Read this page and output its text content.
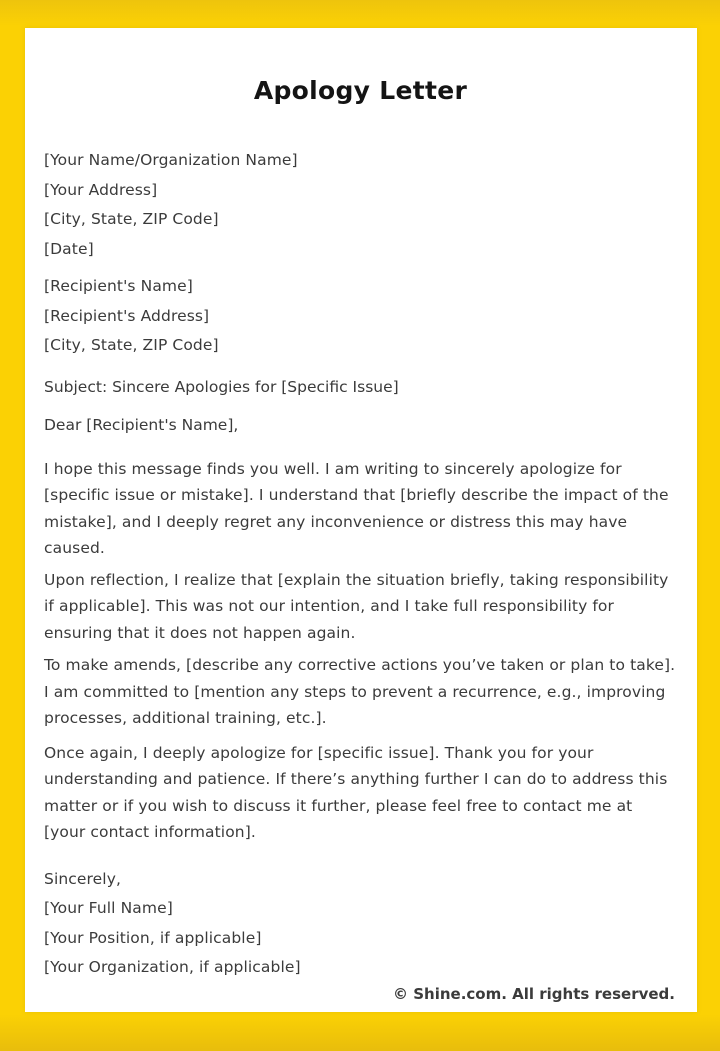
Apology Letter
[Your Name/Organization Name]
[Your Address]
[City, State, ZIP Code]
[Date]
[Recipient's Name]
[Recipient's Address]
[City, State, ZIP Code]
Subject: Sincere Apologies for [Specific Issue]
Dear [Recipient's Name],

I hope this message finds you well. I am writing to sincerely apologize for [specific issue or mistake]. I understand that [briefly describe the impact of the mistake], and I deeply regret any inconvenience or distress this may have caused.

Upon reflection, I realize that [explain the situation briefly, taking responsibility if applicable]. This was not our intention, and I take full responsibility for ensuring that it does not happen again.

To make amends, [describe any corrective actions you’ve taken or plan to take]. I am committed to [mention any steps to prevent a recurrence, e.g., improving processes, additional training, etc.].

Once again, I deeply apologize for [specific issue]. Thank you for your understanding and patience. If there’s anything further I can do to address this matter or if you wish to discuss it further, please feel free to contact me at [your contact information].

Sincerely,
[Your Full Name]
[Your Position, if applicable]
[Your Organization, if applicable]
© Shine.com. All rights reserved.
